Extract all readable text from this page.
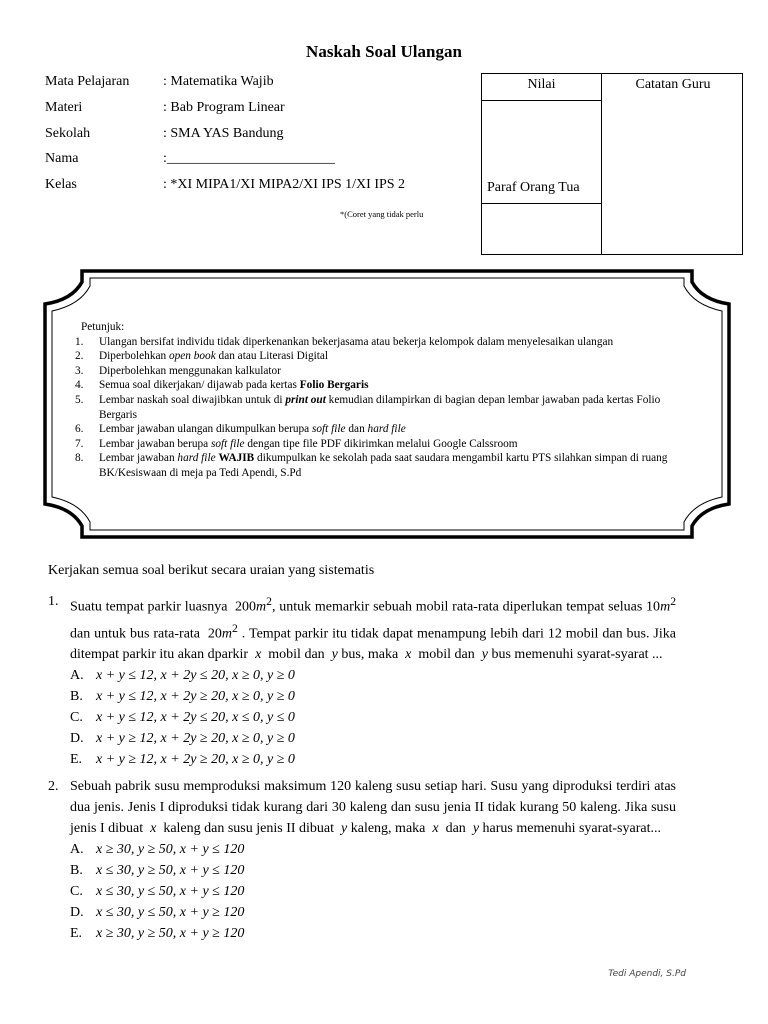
Naskah Soal Ulangan
Mata Pelajaran	: Matematika Wajib
Materi	: Bab Program Linear
Sekolah	: SMA YAS Bandung
Nama	:________________________
Kelas	: *XI MIPA1/XI MIPA2/XI IPS 1/XI IPS 2
*(Coret yang tidak perlu
Nilai	Catatan Guru
Paraf Orang Tua
Petunjuk:
1. Ulangan bersifat individu tidak diperkenankan bekerjasama atau bekerja kelompok dalam menyelesaikan ulangan
2. Diperbolehkan open book dan atau Literasi Digital
3. Diperbolehkan menggunakan kalkulator
4. Semua soal dikerjakan/ dijawab pada kertas Folio Bergaris
5. Lembar naskah soal diwajibkan untuk di print out kemudian dilampirkan di bagian depan lembar jawaban pada kertas Folio Bergaris
6. Lembar jawaban ulangan dikumpulkan berupa soft file dan hard file
7. Lembar jawaban berupa soft file dengan tipe file PDF dikirimkan melalui Google Calssroom
8. Lembar jawaban hard file WAJIB dikumpulkan ke sekolah pada saat saudara mengambil kartu PTS silahkan simpan di ruang BK/Kesiswaan di meja pa Tedi Apendi, S.Pd
Kerjakan semua soal berikut secara uraian yang sistematis
1. Suatu tempat parkir luasnya  $200m^2$, untuk memarkir sebuah mobil rata-rata diperlukan tempat seluas $10m^2$ dan untuk bus rata-rata  $20m^2$ . Tempat parkir itu tidak dapat menampung lebih dari 12 mobil dan bus. Jika ditempat parkir itu akan dparkir  x  mobil dan  y bus, maka  x  mobil dan  y bus memenuhi syarat-syarat ...
A. x + y ≤ 12, x + 2y ≤ 20, x ≥ 0, y ≥ 0
B. x + y ≤ 12, x + 2y ≥ 20, x ≥ 0, y ≥ 0
C. x + y ≤ 12, x + 2y ≤ 20, x ≤ 0, y ≤ 0
D. x + y ≥ 12, x + 2y ≥ 20, x ≥ 0, y ≥ 0
E. x + y ≥ 12, x + 2y ≥ 20, x ≥ 0, y ≥ 0
2. Sebuah pabrik susu memproduksi maksimum 120 kaleng susu setiap hari. Susu yang diproduksi terdiri atas dua jenis. Jenis I diproduksi tidak kurang dari 30 kaleng dan susu jenia II tidak kurang 50 kaleng. Jika susu jenis I dibuat  x  kaleng dan susu jenis II dibuat  y kaleng, maka  x  dan  y harus memenuhi syarat-syarat...
A. x ≥ 30, y ≥ 50, x + y ≤ 120
B. x ≤ 30, y ≥ 50, x + y ≤ 120
C. x ≤ 30, y ≤ 50, x + y ≤ 120
D. x ≤ 30, y ≤ 50, x + y ≥ 120
E. x ≥ 30, y ≥ 50, x + y ≥ 120
Tedi Apendi, S.Pd
